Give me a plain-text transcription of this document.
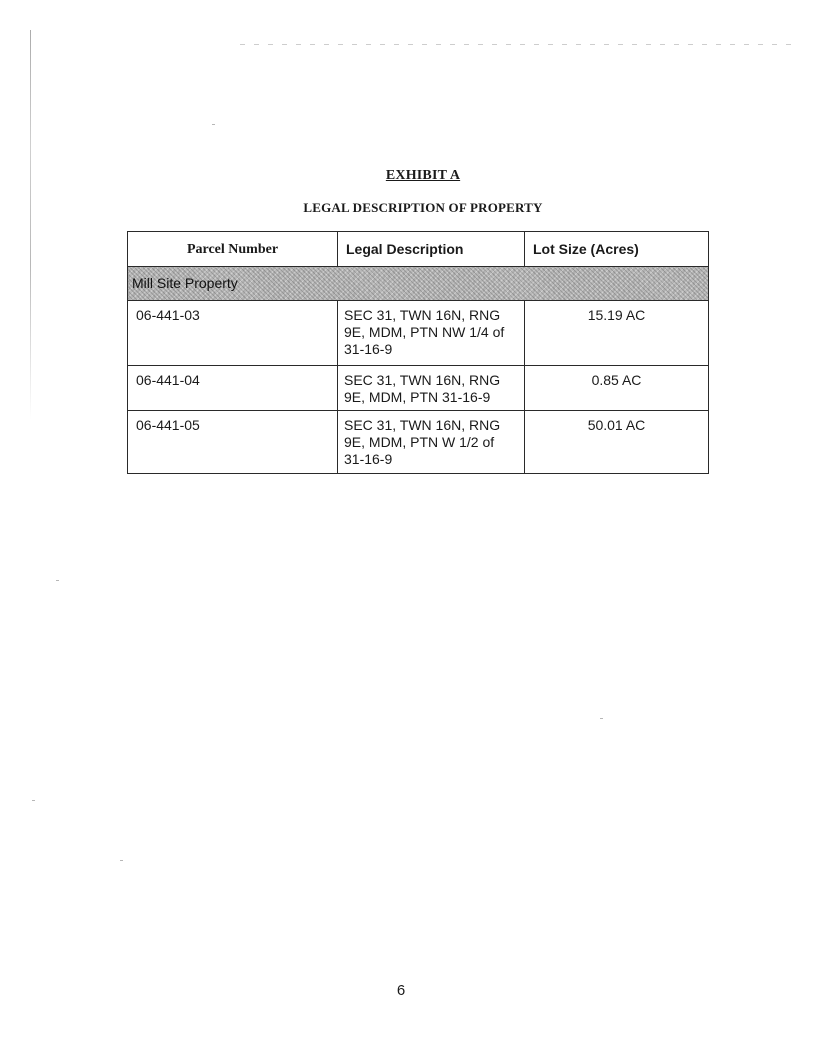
EXHIBIT A
LEGAL DESCRIPTION OF PROPERTY
Parcel Number	Legal Description	Lot Size (Acres)
Mill Site Property		
06-441-03	SEC 31, TWN 16N, RNG 9E, MDM, PTN NW 1/4 of 31-16-9	15.19 AC
06-441-04	SEC 31, TWN 16N, RNG 9E, MDM, PTN 31-16-9	0.85 AC
06-441-05	SEC 31, TWN 16N, RNG 9E, MDM, PTN W 1/2 of 31-16-9	50.01 AC
6
